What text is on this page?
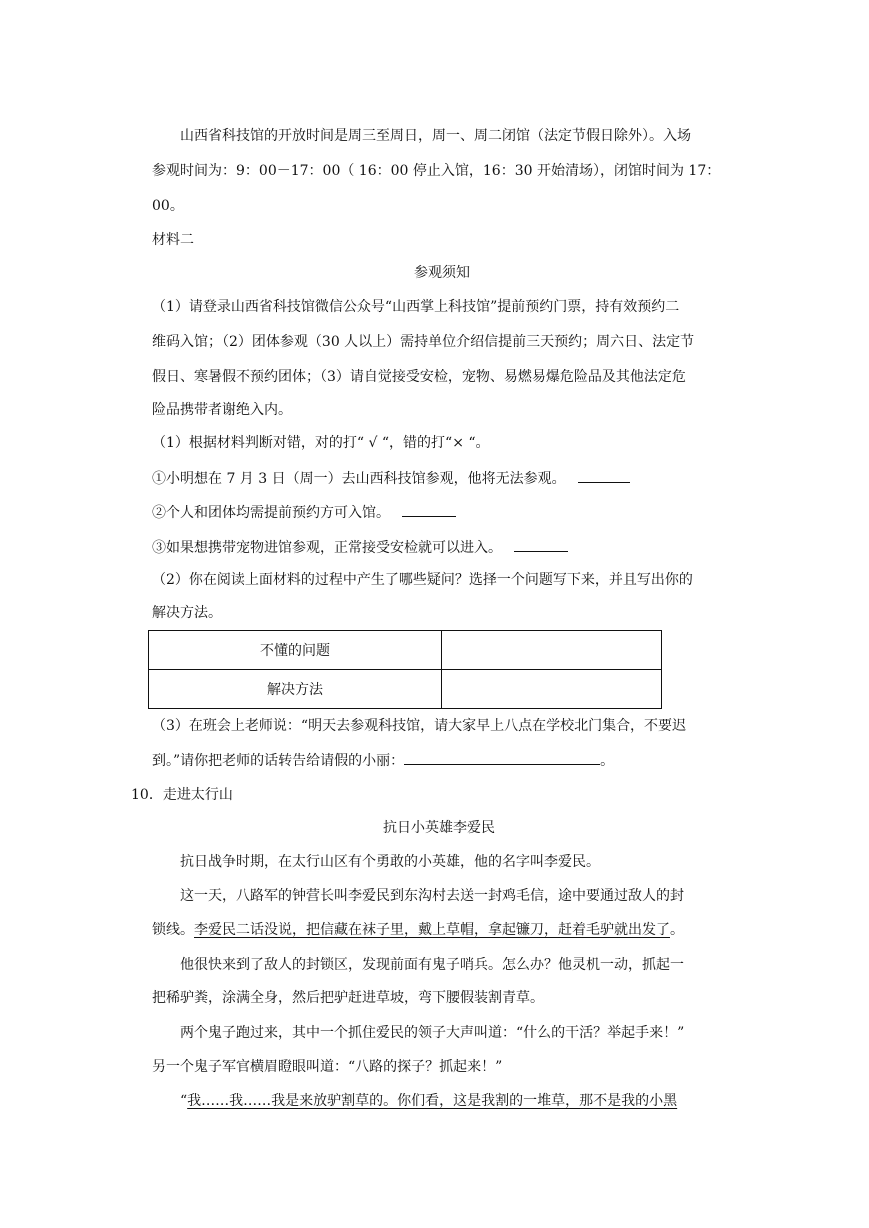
山西省科技馆的开放时间是周三至周日，周一、周二闭馆（法定节假日除外）。入场
参观时间为：9：00－17：00（ 16：00 停止入馆，16：30 开始清场），闭馆时间为 17：
00。
材料二
参观须知
（1）请登录山西省科技馆微信公众号“山西掌上科技馆”提前预约门票，持有效预约二
维码入馆；（2）团体参观（30 人以上）需持单位介绍信提前三天预约；周六日、法定节
假日、寒暑假不预约团体；（3）请自觉接受安检，宠物、易燃易爆危险品及其他法定危
险品携带者谢绝入内。
（1）根据材料判断对错，对的打“ √ “，错的打“× “。
①小明想在 7 月 3 日（周一）去山西科技馆参观，他将无法参观。
②个人和团体均需提前预约方可入馆。
③如果想携带宠物进馆参观，正常接受安检就可以进入。
（2）你在阅读上面材料的过程中产生了哪些疑问？选择一个问题写下来，并且写出你的
解决方法。
不懂的问题	
解决方法	
（3）在班会上老师说：“明天去参观科技馆，请大家早上八点在学校北门集合，不要迟
到。”请你把老师的话转告给请假的小丽：	。
10．走进太行山
抗日小英雄李爱民
抗日战争时期，在太行山区有个勇敢的小英雄，他的名字叫李爱民。
这一天，八路军的钟营长叫李爱民到东沟村去送一封鸡毛信，途中要通过敌人的封
锁线。李爱民二话没说，把信藏在袜子里，戴上草帽，拿起镰刀，赶着毛驴就出发了。
他很快来到了敌人的封锁区，发现前面有鬼子哨兵。怎么办？他灵机一动，抓起一
把稀驴粪，涂满全身，然后把驴赶进草坡，弯下腰假装割青草。
两个鬼子跑过来，其中一个抓住爱民的领子大声叫道：“什么的干活？举起手来！”
另一个鬼子军官横眉瞪眼叫道：“八路的探子？抓起来！”
“我……我……我是来放驴割草的。你们看，这是我割的一堆草，那不是我的小黑
